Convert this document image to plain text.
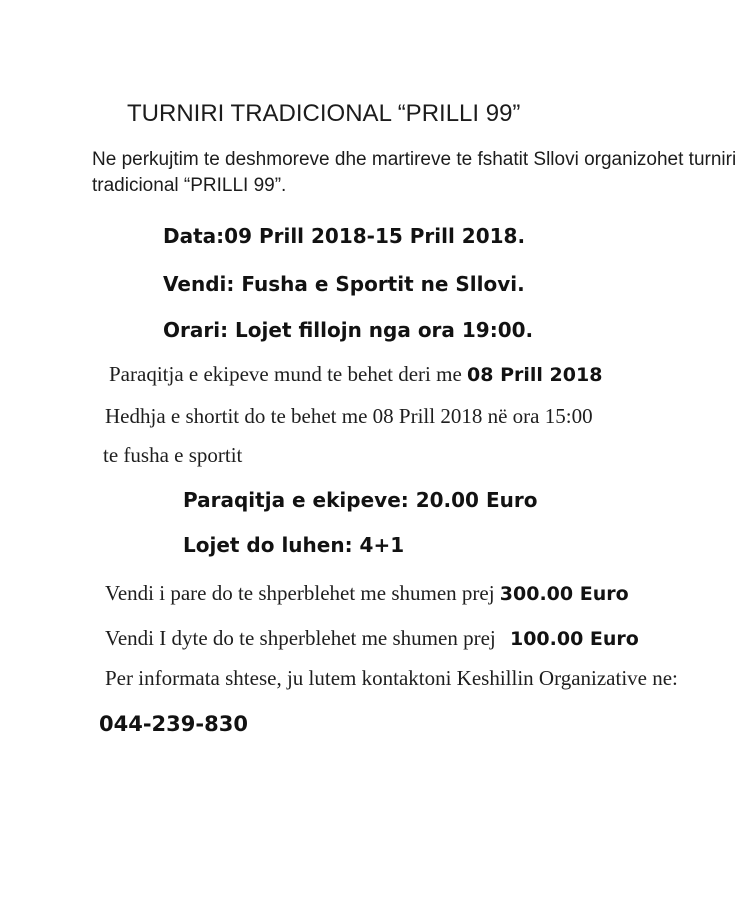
TURNIRI TRADICIONAL “PRILLI 99”
Ne perkujtim te deshmoreve dhe martireve te fshatit Sllovi organizohet turniri
tradicional “PRILLI 99”.
Data:09 Prill 2018-15 Prill 2018.
Vendi: Fusha e Sportit ne Sllovi.
Orari: Lojet fillojn nga ora 19:00.
Paraqitja e ekipeve mund te behet deri me 08 Prill 2018
Hedhja e shortit do te behet me 08 Prill 2018 në ora 15:00
te fusha e sportit
Paraqitja e ekipeve: 20.00 Euro
Lojet do luhen: 4+1
Vendi i pare do te shperblehet me shumen prej 300.00 Euro
Vendi I dyte do te shperblehet me shumen prej 100.00 Euro
Per informata shtese, ju lutem kontaktoni Keshillin Organizative ne:
044-239-830
